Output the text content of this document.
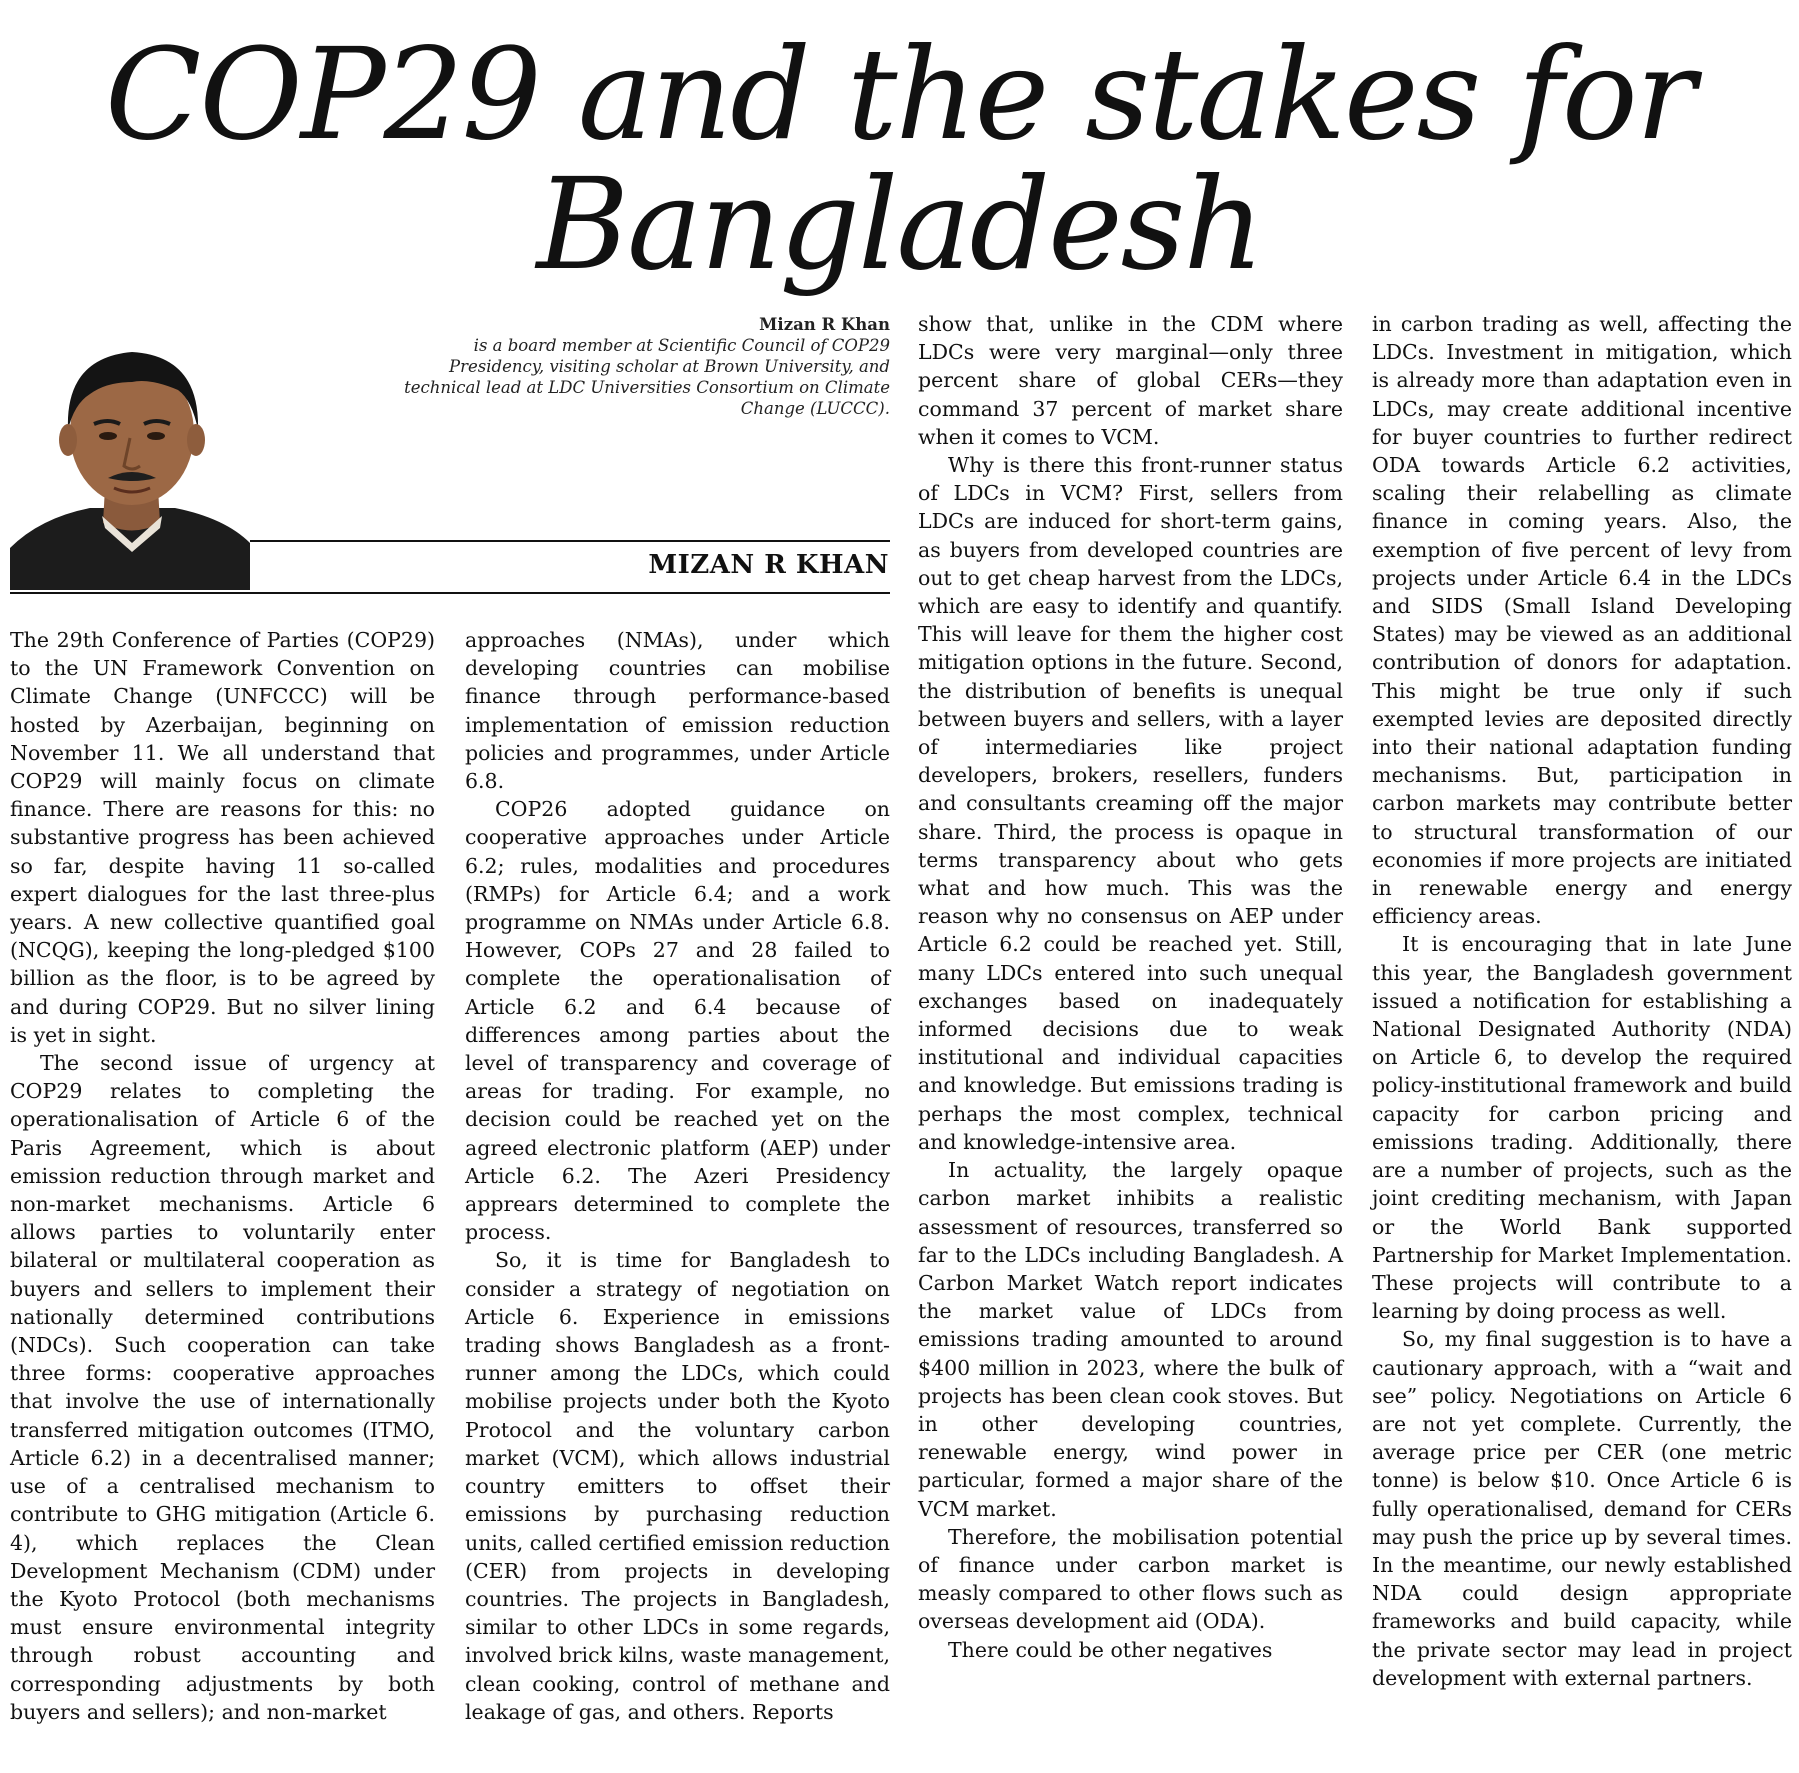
COP29 and the stakes for Bangladesh
Mizan R Khan
is a board member at Scientific Council of COP29 Presidency, visiting scholar at Brown University, and technical lead at LDC Universities Consortium on Climate Change (LUCCC).
MIZAN R KHAN

The 29th Conference of Parties (COP29) to the UN Framework Convention on Climate Change (UNFCCC) will be hosted by Azerbaijan, beginning on November 11. We all understand that COP29 will mainly focus on climate finance. There are reasons for this: no substantive progress has been achieved so far, despite having 11 so-called expert dialogues for the last three-plus years. A new collective quantified goal (NCQG), keeping the long-pledged $100 billion as the floor, is to be agreed by and during COP29. But no silver lining is yet in sight.

The second issue of urgency at COP29 relates to completing the operationalisation of Article 6 of the Paris Agreement, which is about emission reduction through market and non-market mechanisms. Article 6 allows parties to voluntarily enter bilateral or multilateral cooperation as buyers and sellers to implement their nationally determined contributions (NDCs). Such cooperation can take three forms: cooperative approaches that involve the use of internationally transferred mitigation outcomes (ITMO, Article 6.2) in a decentralised manner; use of a centralised mechanism to contribute to GHG mitigation (Article 6. 4), which replaces the Clean Development Mechanism (CDM) under the Kyoto Protocol (both mechanisms must ensure environmental integrity through robust accounting and corresponding adjustments by both buyers and sellers); and non-market

approaches (NMAs), under which developing countries can mobilise finance through performance-based implementation of emission reduction policies and programmes, under Article 6.8.

COP26 adopted guidance on cooperative approaches under Article 6.2; rules, modalities and procedures (RMPs) for Article 6.4; and a work programme on NMAs under Article 6.8. However, COPs 27 and 28 failed to complete the operationalisation of Article 6.2 and 6.4 because of differences among parties about the level of transparency and coverage of areas for trading. For example, no decision could be reached yet on the agreed electronic platform (AEP) under Article 6.2. The Azeri Presidency apprears determined to complete the process.

So, it is time for Bangladesh to consider a strategy of negotiation on Article 6. Experience in emissions trading shows Bangladesh as a front-runner among the LDCs, which could mobilise projects under both the Kyoto Protocol and the voluntary carbon market (VCM), which allows industrial country emitters to offset their emissions by purchasing reduction units, called certified emission reduction (CER) from projects in developing countries. The projects in Bangladesh, similar to other LDCs in some regards, involved brick kilns, waste management, clean cooking, control of methane and leakage of gas, and others. Reports

show that, unlike in the CDM where LDCs were very marginal—only three percent share of global CERs—they command 37 percent of market share when it comes to VCM.

Why is there this front-runner status of LDCs in VCM? First, sellers from LDCs are induced for short-term gains, as buyers from developed countries are out to get cheap harvest from the LDCs, which are easy to identify and quantify. This will leave for them the higher cost mitigation options in the future. Second, the distribution of benefits is unequal between buyers and sellers, with a layer of intermediaries like project developers, brokers, resellers, funders and consultants creaming off the major share. Third, the process is opaque in terms transparency about who gets what and how much. This was the reason why no consensus on AEP under Article 6.2 could be reached yet. Still, many LDCs entered into such unequal exchanges based on inadequately informed decisions due to weak institutional and individual capacities and knowledge. But emissions trading is perhaps the most complex, technical and knowledge-intensive area.

In actuality, the largely opaque carbon market inhibits a realistic assessment of resources, transferred so far to the LDCs including Bangladesh. A Carbon Market Watch report indicates the market value of LDCs from emissions trading amounted to around $400 million in 2023, where the bulk of projects has been clean cook stoves. But in other developing countries, renewable energy, wind power in particular, formed a major share of the VCM market.

Therefore, the mobilisation potential of finance under carbon market is measly compared to other flows such as overseas development aid (ODA).

There could be other negatives

in carbon trading as well, affecting the LDCs. Investment in mitigation, which is already more than adaptation even in LDCs, may create additional incentive for buyer countries to further redirect ODA towards Article 6.2 activities, scaling their relabelling as climate finance in coming years. Also, the exemption of five percent of levy from projects under Article 6.4 in the LDCs and SIDS (Small Island Developing States) may be viewed as an additional contribution of donors for adaptation. This might be true only if such exempted levies are deposited directly into their national adaptation funding mechanisms. But, participation in carbon markets may contribute better to structural transformation of our economies if more projects are initiated in renewable energy and energy efficiency areas.

It is encouraging that in late June this year, the Bangladesh government issued a notification for establishing a National Designated Authority (NDA) on Article 6, to develop the required policy-institutional framework and build capacity for carbon pricing and emissions trading. Additionally, there are a number of projects, such as the joint crediting mechanism, with Japan or the World Bank supported Partnership for Market Implementation. These projects will contribute to a learning by doing process as well.

So, my final suggestion is to have a cautionary approach, with a “wait and see” policy. Negotiations on Article 6 are not yet complete. Currently, the average price per CER (one metric tonne) is below $10. Once Article 6 is fully operationalised, demand for CERs may push the price up by several times. In the meantime, our newly established NDA could design appropriate frameworks and build capacity, while the private sector may lead in project development with external partners.
